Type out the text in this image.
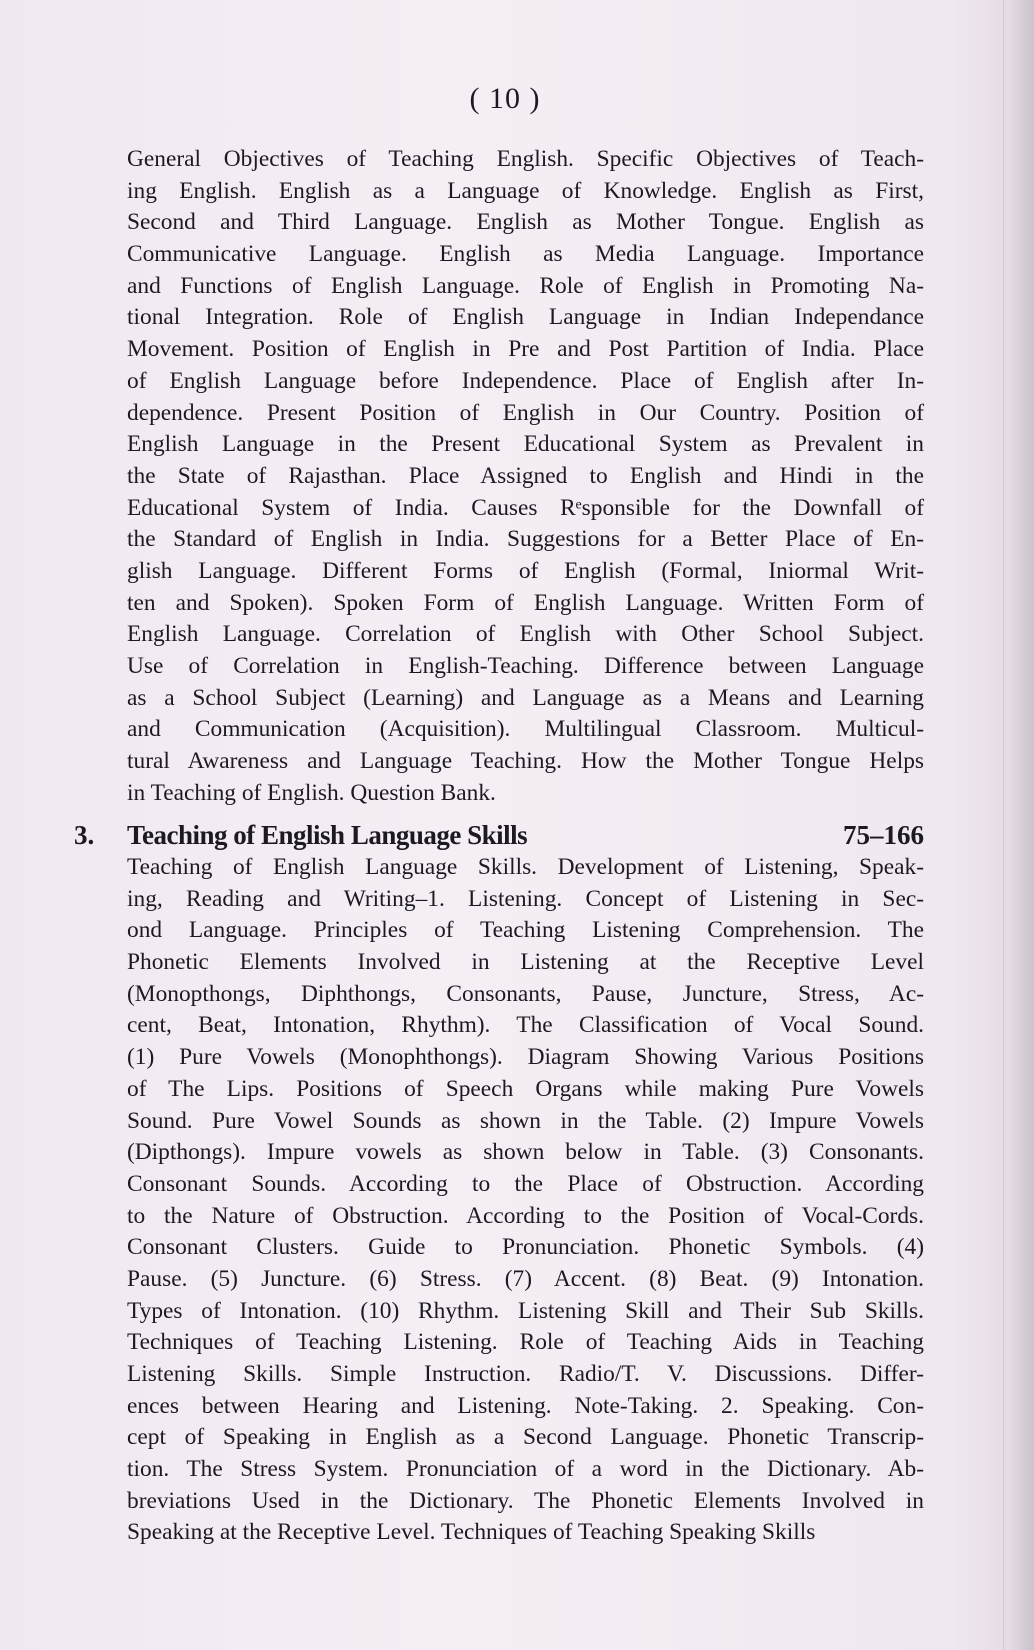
( 10 )
General Objectives of Teaching English. Specific Objectives of Teach-
ing English. English as a Language of Knowledge. English as First,
Second and Third Language. English as Mother Tongue. English as
Communicative Language. English as Media Language. Importance
and Functions of English Language. Role of English in Promoting Na-
tional Integration. Role of English Language in Indian Independance
Movement. Position of English in Pre and Post Partition of India. Place
of English Language before Independence. Place of English after In-
dependence. Present Position of English in Our Country. Position of
English Language in the Present Educational System as Prevalent in
the State of Rajasthan. Place Assigned to English and Hindi in the
Educational System of India. Causes Rᵉsponsible for the Downfall of
the Standard of English in India. Suggestions for a Better Place of En-
glish Language. Different Forms of English (Formal, Iniormal Writ-
ten and Spoken). Spoken Form of English Language. Written Form of
English Language. Correlation of English with Other School Subject.
Use of Correlation in English-Teaching. Difference between Language
as a School Subject (Learning) and Language as a Means and Learning
and Communication (Acquisition). Multilingual Classroom. Multicul-
tural Awareness and Language Teaching. How the Mother Tongue Helps
in Teaching of English. Question Bank.
3. Teaching of English Language Skills	75–166
Teaching of English Language Skills. Development of Listening, Speak-
ing, Reading and Writing–1. Listening. Concept of Listening in Sec-
ond Language. Principles of Teaching Listening Comprehension. The
Phonetic Elements Involved in Listening at the Receptive Level
(Monopthongs, Diphthongs, Consonants, Pause, Juncture, Stress, Ac-
cent, Beat, Intonation, Rhythm). The Classification of Vocal Sound.
(1) Pure Vowels (Monophthongs). Diagram Showing Various Positions
of The Lips. Positions of Speech Organs while making Pure Vowels
Sound. Pure Vowel Sounds as shown in the Table. (2) Impure Vowels
(Dipthongs). Impure vowels as shown below in Table. (3) Consonants.
Consonant Sounds. According to the Place of Obstruction. According
to the Nature of Obstruction. According to the Position of Vocal-Cords.
Consonant Clusters. Guide to Pronunciation. Phonetic Symbols. (4)
Pause. (5) Juncture. (6) Stress. (7) Accent. (8) Beat. (9) Intonation.
Types of Intonation. (10) Rhythm. Listening Skill and Their Sub Skills.
Techniques of Teaching Listening. Role of Teaching Aids in Teaching
Listening Skills. Simple Instruction. Radio/T. V. Discussions. Differ-
ences between Hearing and Listening. Note-Taking. 2. Speaking. Con-
cept of Speaking in English as a Second Language. Phonetic Transcrip-
tion. The Stress System. Pronunciation of a word in the Dictionary. Ab-
breviations Used in the Dictionary. The Phonetic Elements Involved in
Speaking at the Receptive Level. Techniques of Teaching Speaking Skills
